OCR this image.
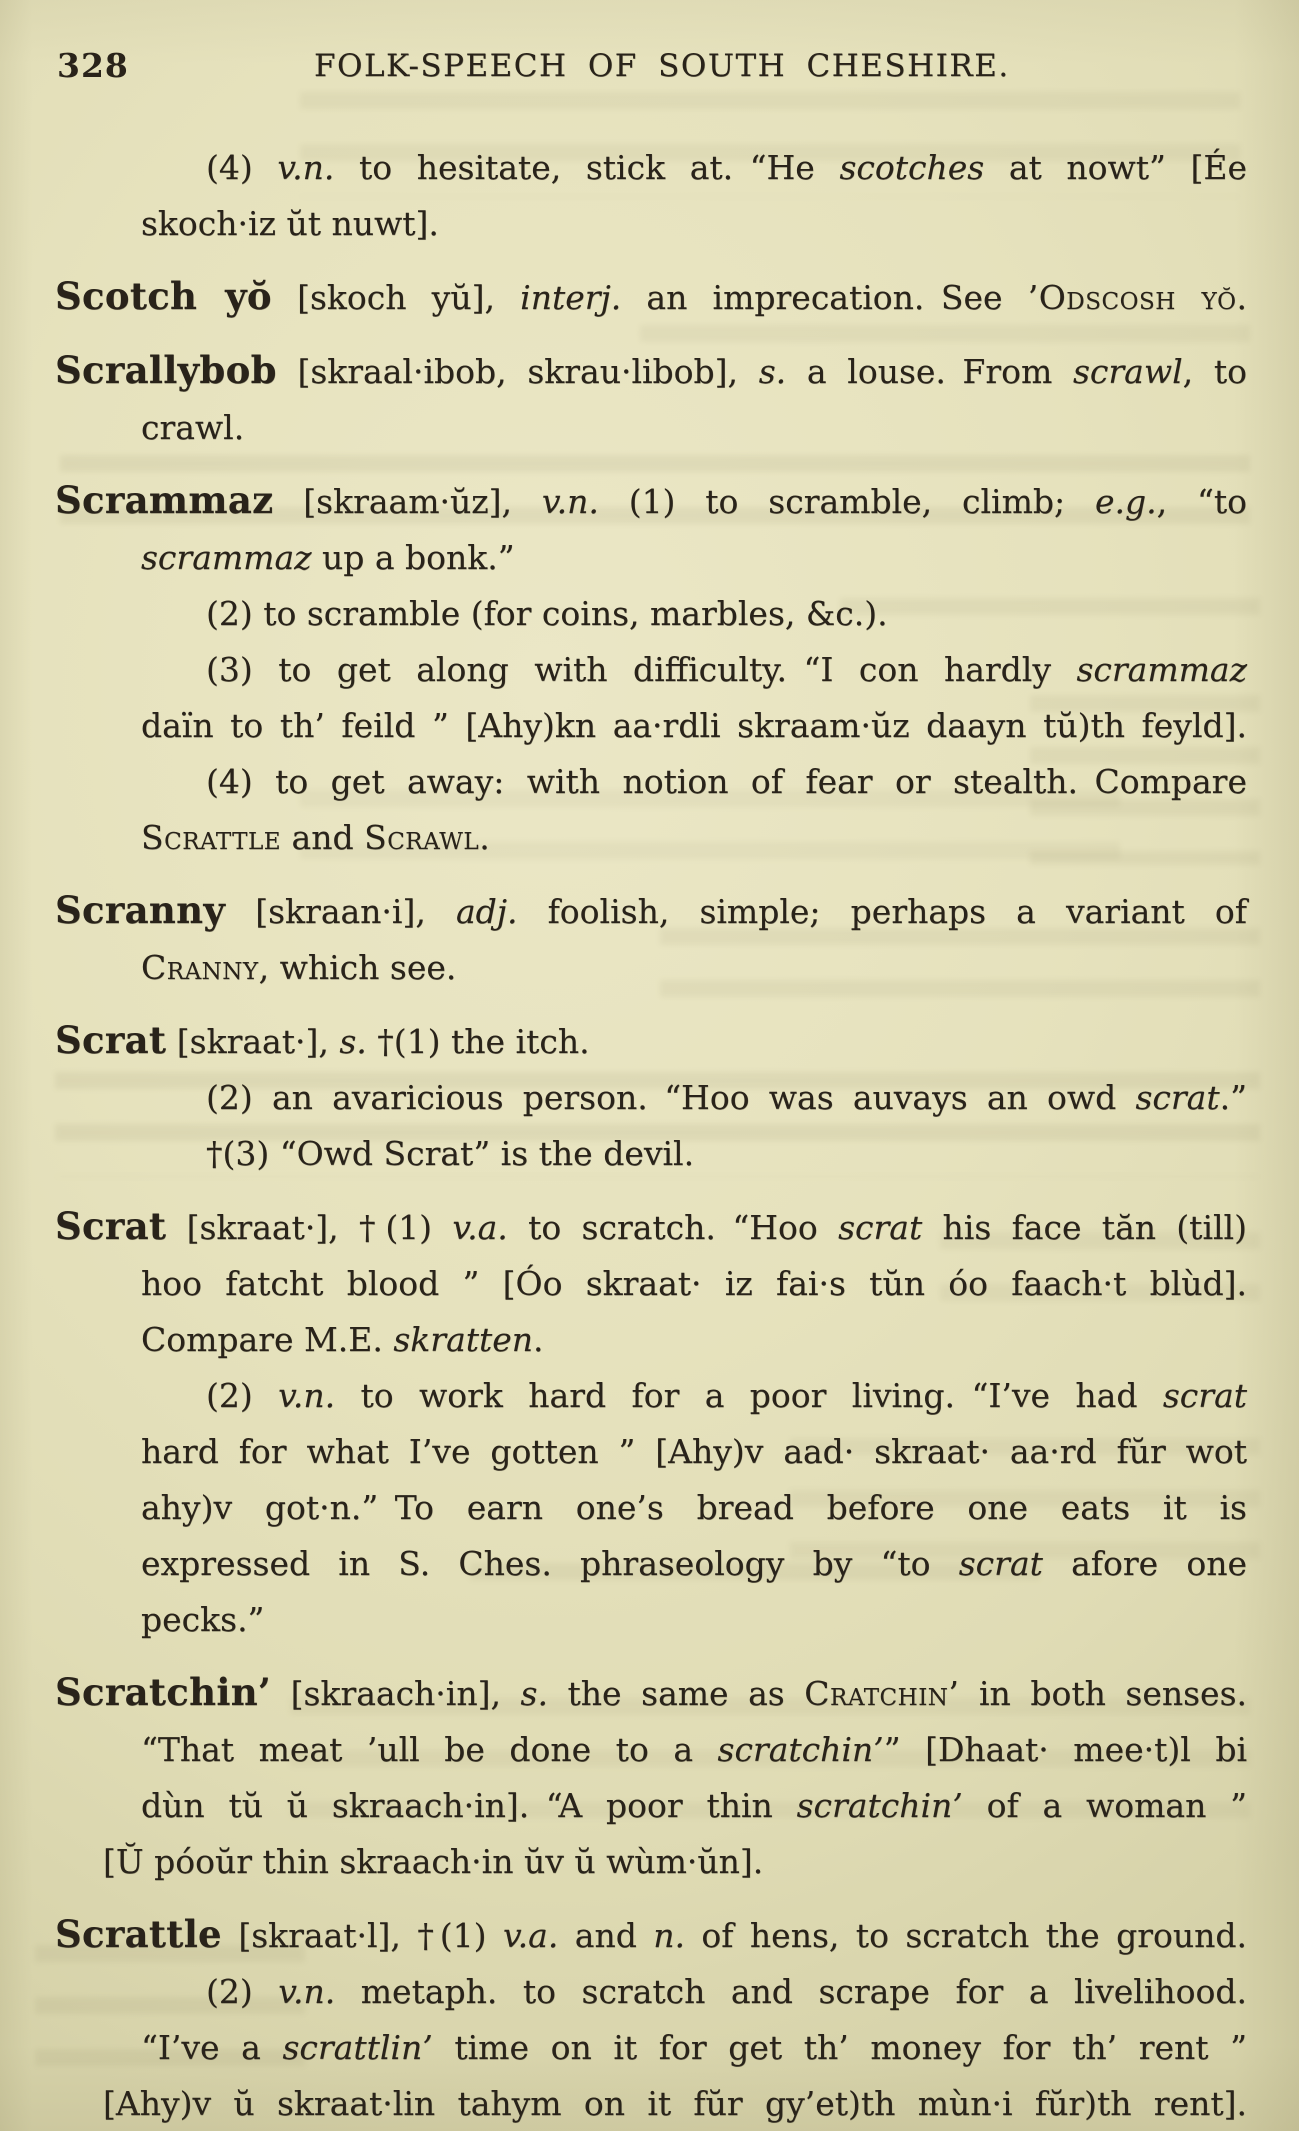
328	FOLK-SPEECH OF SOUTH CHESHIRE.
(4) v.n. to hesitate, stick at. “He scotches at nowt” [Ée
skoch·iz ŭt nuwt].
Scotch yŏ [skoch yŭ], interj. an imprecation. See ’Odscosh yŏ.
Scrallybob [skraal·ibob, skrau·libob], s. a louse. From scrawl, to
crawl.
Scrammaz [skraam·ŭz], v.n. (1) to scramble, climb; e.g., “to
scrammaz up a bonk.”
(2) to scramble (for coins, marbles, &c.).
(3) to get along with difficulty. “I con hardly scrammaz
daïn to th’ feild ” [Ahy)kn aa·rdli skraam·ŭz daayn tŭ)th feyld].
(4) to get away: with notion of fear or stealth. Compare
Scrattle and Scrawl.
Scranny [skraan·i], adj. foolish, simple; perhaps a variant of
Cranny, which see.
Scrat [skraat·], s. †(1) the itch.
(2) an avaricious person. “Hoo was auvays an owd scrat.”
†(3) “Owd Scrat” is the devil.
Scrat [skraat·], †(1) v.a. to scratch. “Hoo scrat his face tăn (till)
hoo fatcht blood ” [Óo skraat· iz fai·s tŭn óo faach·t blùd].
Compare M.E. skratten.
(2) v.n. to work hard for a poor living. “I’ve had scrat
hard for what I’ve gotten ” [Ahy)v aad· skraat· aa·rd fŭr wot
ahy)v got·n.” To earn one’s bread before one eats it is
expressed in S. Ches. phraseology by “to scrat afore one
pecks.”
Scratchin’ [skraach·in], s. the same as Cratchin’ in both senses.
“That meat ’ull be done to a scratchin’” [Dhaat· mee·t)l bi
dùn tŭ ŭ skraach·in]. “A poor thin scratchin’ of a woman ”
[Ŭ póoŭr thin skraach·in ŭv ŭ wùm·ŭn].
Scrattle [skraat·l], †(1) v.a. and n. of hens, to scratch the ground.
(2) v.n. metaph. to scratch and scrape for a livelihood.
“I’ve a scrattlin’ time on it for get th’ money for th’ rent ”
[Ahy)v ŭ skraat·lin tahym on it fŭr gy’et)th mùn·i fŭr)th rent].
